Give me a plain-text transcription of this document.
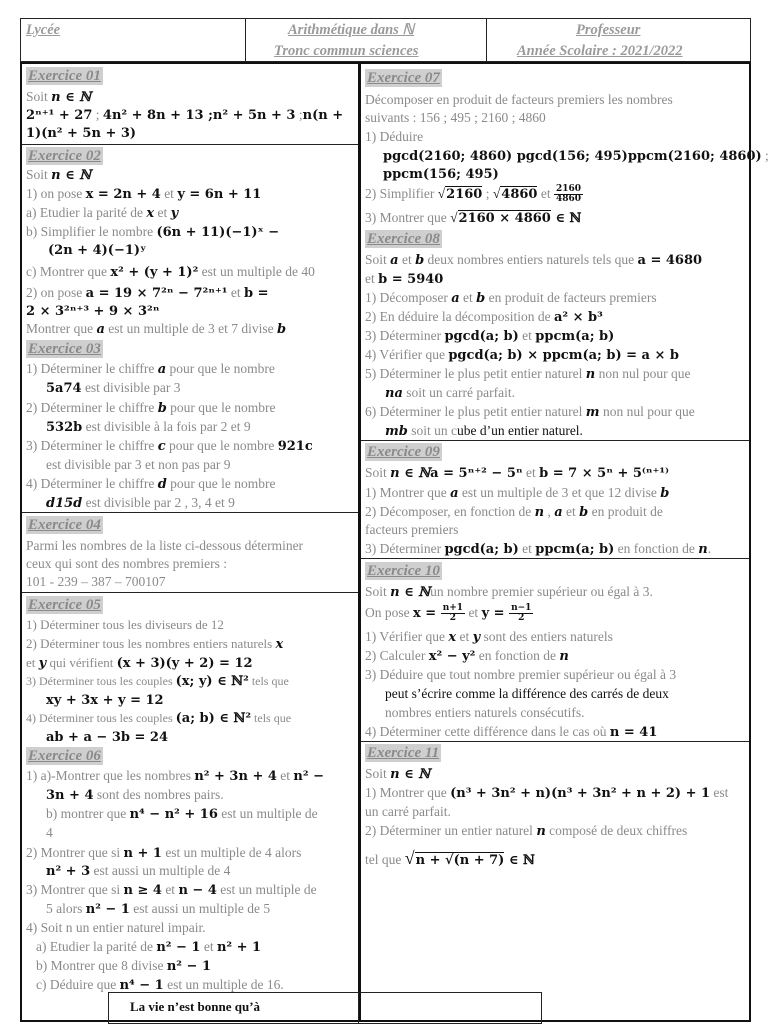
Lycée	Arithmétique dans ℕ
Tronc commun sciences
Professeur
Année Scolaire : 2021/2022
Exercice 01
Soit n ∈ ℕ
2ⁿ⁺¹ + 27 ; 4n² + 8n + 13 ;n² + 5n + 3 ;n(n +
1)(n² + 5n + 3)
Exercice 02
Soit n ∈ ℕ
1) on pose x = 2n + 4 et y = 6n + 11
a) Etudier la parité de x et y
b) Simplifier le nombre (6n + 11)(−1)ˣ −
(2n + 4)(−1)ʸ
c) Montrer que x² + (y + 1)² est un multiple de 40
2) on pose a = 19 × 7²ⁿ − 7²ⁿ⁺¹ et b =
2 × 3²ⁿ⁺³ + 9 × 3²ⁿ
Montrer que a est un multiple de 3 et 7 divise b
Exercice 03
1) Déterminer le chiffre a pour que le nombre
5a74 est divisible par 3
2) Déterminer le chiffre b pour que le nombre
532b est divisible à la fois par 2 et 9
3) Déterminer le chiffre c pour que le nombre 921c
est divisible par 3 et non pas par 9
4) Déterminer le chiffre d pour que le nombre
d15d est divisible par 2 , 3, 4 et 9
Exercice 04
Parmi les nombres de la liste ci-dessous déterminer
ceux qui sont des nombres premiers :
101 - 239 – 387 – 700107
Exercice 05
1) Déterminer tous les diviseurs de 12
2) Déterminer tous les nombres entiers naturels x
et y qui vérifient (x + 3)(y + 2) = 12
3) Déterminer tous les couples (x; y) ∈ ℕ² tels que
xy + 3x + y = 12
4) Déterminer tous les couples (a; b) ∈ ℕ² tels que
ab + a − 3b = 24
Exercice 06
1) a)-Montrer que les nombres n² + 3n + 4 et n² −
3n + 4 sont des nombres pairs.
b) montrer que n⁴ − n² + 16 est un multiple de
4
2) Montrer que si n + 1 est un multiple de 4 alors
n² + 3 est aussi un multiple de 4
3) Montrer que si n ≥ 4 et n − 4 est un multiple de
5 alors n² − 1 est aussi un multiple de 5
4) Soit n un entier naturel impair.
a) Etudier la parité de n² − 1 et n² + 1
b) Montrer que 8 divise n² − 1
c) Déduire que n⁴ − 1 est un multiple de 16.
La vie n’est bonne qu’à
Exercice 07
Décomposer en produit de facteurs premiers les nombres
suivants : 156 ; 495 ; 2160 ; 4860
1) Déduire
pgcd(2160; 4860) pgcd(156; 495)ppcm(2160; 4860) ;
ppcm(156; 495)
2) Simplifier √2160 ; √4860 et $\frac{2160}{4860}$
3) Montrer que √2160 × 4860 ∈ ℕ
Exercice 08
Soit a et b deux nombres entiers naturels tels que a = 4680
et b = 5940
1) Décomposer a et b en produit de facteurs premiers
2) En déduire la décomposition de a² × b³
3) Déterminer pgcd(a; b) et ppcm(a; b)
4) Vérifier que pgcd(a; b) × ppcm(a; b) = a × b
5) Déterminer le plus petit entier naturel n non nul pour que
na soit un carré parfait.
6) Déterminer le plus petit entier naturel m non nul pour que
mb soit un cube d’un entier naturel.
Exercice 09
Soit n ∈ ℕa = 5ⁿ⁺² − 5ⁿ et b = 7 × 5ⁿ + 5⁽ⁿ⁺¹⁾
1) Montrer que a est un multiple de 3 et que 12 divise b
2) Décomposer, en fonction de n , a et b en produit de
facteurs premiers
3) Déterminer pgcd(a; b) et ppcm(a; b) en fonction de n.
Exercice 10
Soit n ∈ ℕun nombre premier supérieur ou égal à 3.
On pose $x = \frac{n+1}{2}$ et $y = \frac{n-1}{2}$
1) Vérifier que x et y sont des entiers naturels
2) Calculer x² − y² en fonction de n
3) Déduire que tout nombre premier supérieur ou égal à 3
peut s’écrire comme la différence des carrés de deux
nombres entiers naturels consécutifs.
4) Déterminer cette différence dans le cas où n = 41
Exercice 11
Soit n ∈ ℕ
1) Montrer que (n³ + 3n² + n)(n³ + 3n² + n + 2) + 1 est
un carré parfait.
2) Déterminer un entier naturel n composé de deux chiffres
tel que √n + √(n + 7) ∈ ℕ
